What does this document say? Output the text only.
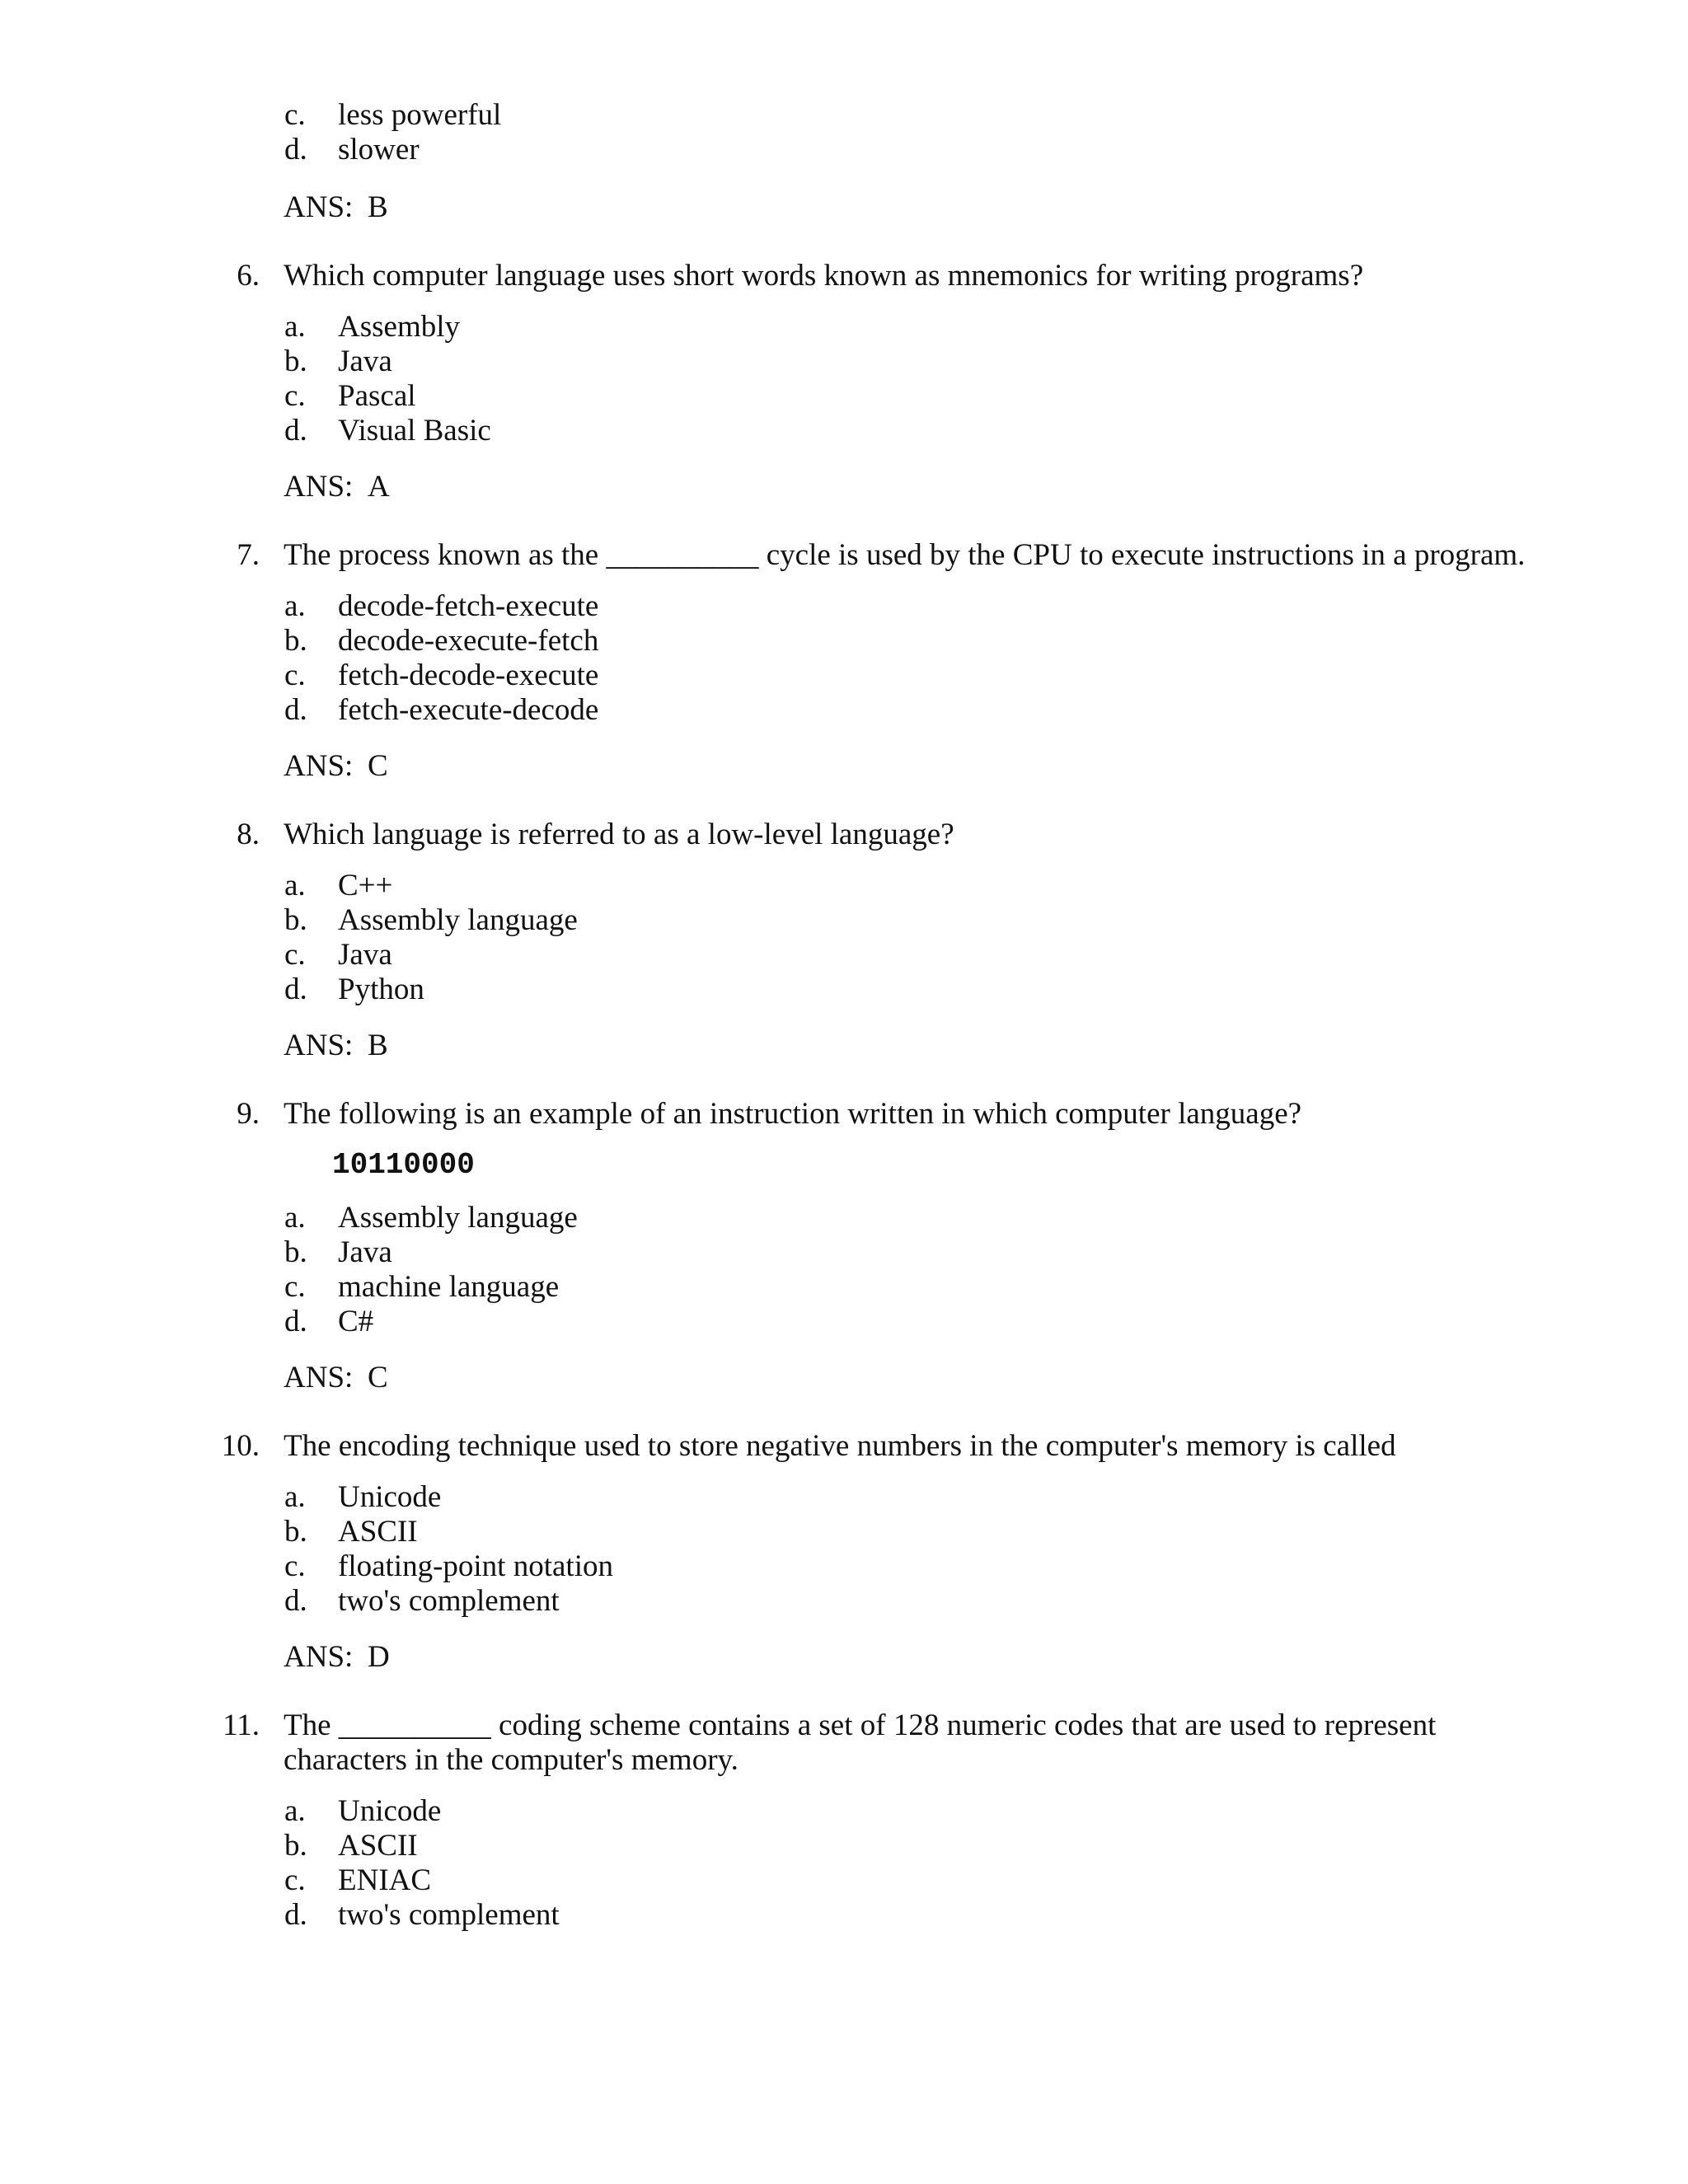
c.	less powerful
d.	slower
ANS: B
6. Which computer language uses short words known as mnemonics for writing programs?
a.	Assembly
b.	Java
c.	Pascal
d.	Visual Basic
ANS: A
7. The process known as the __________ cycle is used by the CPU to execute instructions in a program.
a.	decode-fetch-execute
b.	decode-execute-fetch
c.	fetch-decode-execute
d.	fetch-execute-decode
ANS: C
8. Which language is referred to as a low-level language?
a.	C++
b.	Assembly language
c.	Java
d.	Python
ANS: B
9. The following is an example of an instruction written in which computer language?
10110000
a.	Assembly language
b.	Java
c.	machine language
d.	C#
ANS: C
10. The encoding technique used to store negative numbers in the computer's memory is called
a.	Unicode
b.	ASCII
c.	floating-point notation
d.	two's complement
ANS: D
11. The __________ coding scheme contains a set of 128 numeric codes that are used to represent
characters in the computer's memory.
a.	Unicode
b.	ASCII
c.	ENIAC
d.	two's complement
